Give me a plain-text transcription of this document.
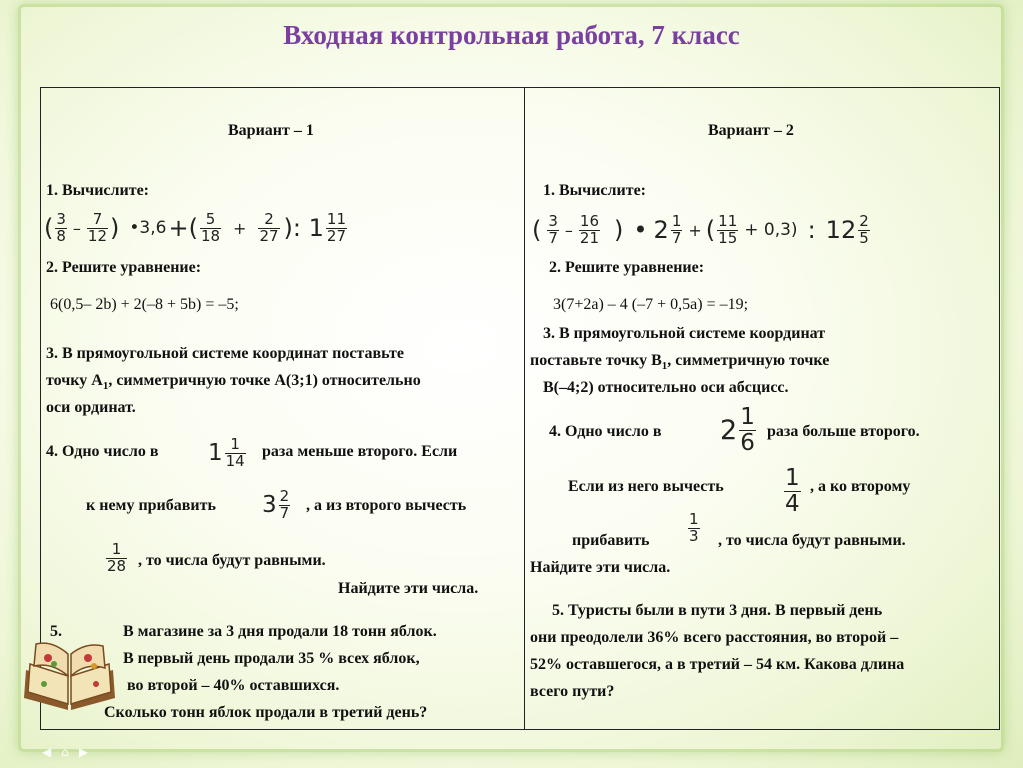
Входная контрольная работа, 7 класс
Вариант – 1
1. Вычислите:
( $\frac{3}{8} - \frac{7}{12}$ ) •3,6 +( $\frac{5}{18} + \frac{2}{27}$ ): $1 \frac{11}{27}$
2. Решите уравнение:
6(0,5– 2b) + 2(–8 + 5b) = –5;
3. В прямоугольной системе координат поставьте
точку $А_1$, симметричную точке А(3;1) относительно
оси ординат.
4. Одно число в $1 \frac{1}{14}$ раза меньше второго. Если
к нему прибавить $3 \frac{2}{7}$ , а из второго вычесть
$\frac{1}{28}$ , то числа будут равными.
Найдите эти числа.
5.	В магазине за 3 дня продали 18 тонн яблок.
В первый день продали 35 % всех яблок,
во второй – 40% оставшихся.
Сколько тонн яблок продали в третий день?
Вариант – 2
1. Вычислите:
( $\frac{3}{7} - \frac{16}{21}$ ) • $2 \frac{1}{7}$ + ( $\frac{11}{15} + 0,3$) : $12 \frac{2}{5}$
2. Решите уравнение:
3(7+2a) – 4 (–7 + 0,5a) = –19;
3. В прямоугольной системе координат
поставьте точку $В_1$, симметричную точке
В(–4;2) относительно оси абсцисс.
4. Одно число в $2 \frac{1}{6}$ раза больше второго.
Если из него вычесть	$\frac{1}{4}$ , а ко второму
прибавить	$\frac{1}{3}$ , то числа будут равными.
Найдите эти числа.
5. Туристы были в пути 3 дня. В первый день
они преодолели 36% всего расстояния, во второй –
52% оставшегося, а в третий – 54 км. Какова длина
всего пути?
◀ ⌂ ▶
